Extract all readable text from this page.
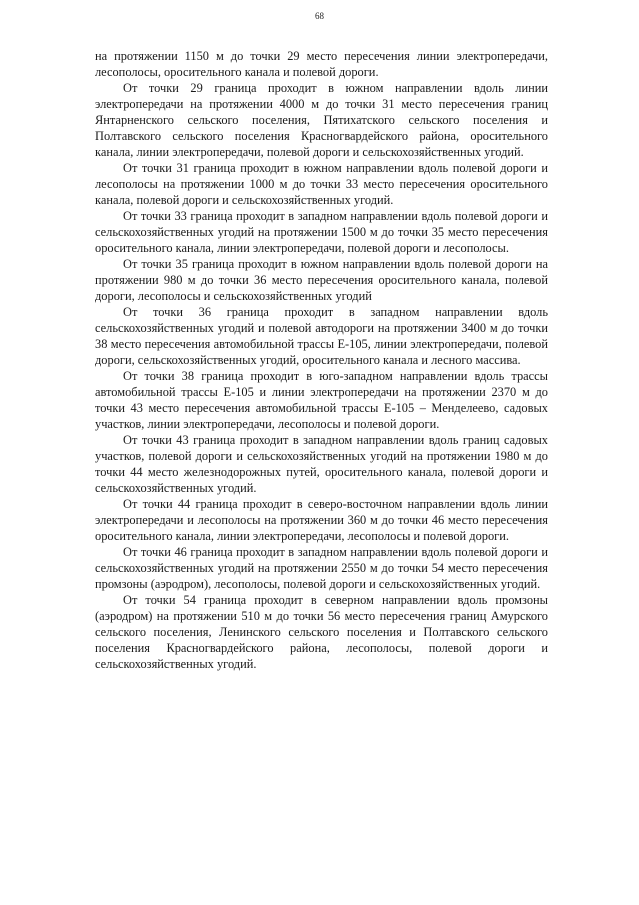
68

на протяжении 1150 м до точки 29 место пересечения линии электропередачи, лесополосы, оросительного канала и полевой дороги.

От точки 29 граница проходит в южном направлении вдоль линии электропередачи на протяжении 4000 м до точки 31 место пересечения границ Янтарненского сельского поселения, Пятихатского сельского поселения и Полтавского сельского поселения Красногвардейского района, оросительного канала, линии электропередачи, полевой дороги и сельскохозяйственных угодий.

От точки 31 граница проходит в южном направлении вдоль полевой дороги и лесополосы на протяжении 1000 м до точки 33 место пересечения оросительного канала, полевой дороги и сельскохозяйственных угодий.

От точки 33 граница проходит в западном направлении вдоль полевой дороги и сельскохозяйственных угодий на протяжении 1500 м до точки 35 место пересечения оросительного канала, линии электропередачи, полевой дороги и лесополосы.

От точки 35 граница проходит в южном направлении вдоль полевой дороги на протяжении 980 м до точки 36 место пересечения оросительного канала, полевой дороги, лесополосы и сельскохозяйственных угодий

От точки 36 граница проходит в западном направлении вдоль сельскохозяйственных угодий и полевой автодороги на протяжении 3400 м до точки 38 место пересечения автомобильной трассы Е-105, линии электропередачи, полевой дороги, сельскохозяйственных угодий, оросительного канала и лесного массива.

От точки 38 граница проходит в юго-западном направлении вдоль трассы автомобильной трассы Е-105 и линии электропередачи на протяжении 2370 м до точки 43 место пересечения автомобильной трассы Е-105 – Менделеево, садовых участков, линии электропередачи, лесополосы и полевой дороги.

От точки 43 граница проходит в западном направлении вдоль границ садовых участков, полевой дороги и сельскохозяйственных угодий на протяжении 1980 м до точки 44 место железнодорожных путей, оросительного канала, полевой дороги и сельскохозяйственных угодий.

От точки 44 граница проходит в северо-восточном направлении вдоль линии электропередачи и лесополосы на протяжении 360 м до точки 46 место пересечения оросительного канала, линии электропередачи, лесополосы и полевой дороги.

От точки 46 граница проходит в западном направлении вдоль полевой дороги и сельскохозяйственных угодий на протяжении 2550 м до точки 54 место пересечения промзоны (аэродром), лесополосы, полевой дороги и сельскохозяйственных угодий.

От точки 54 граница проходит в северном направлении вдоль промзоны (аэродром) на протяжении 510 м до точки 56 место пересечения границ Амурского сельского поселения, Ленинского сельского поселения и Полтавского сельского поселения Красногвардейского района, лесополосы, полевой дороги и сельскохозяйственных угодий.
